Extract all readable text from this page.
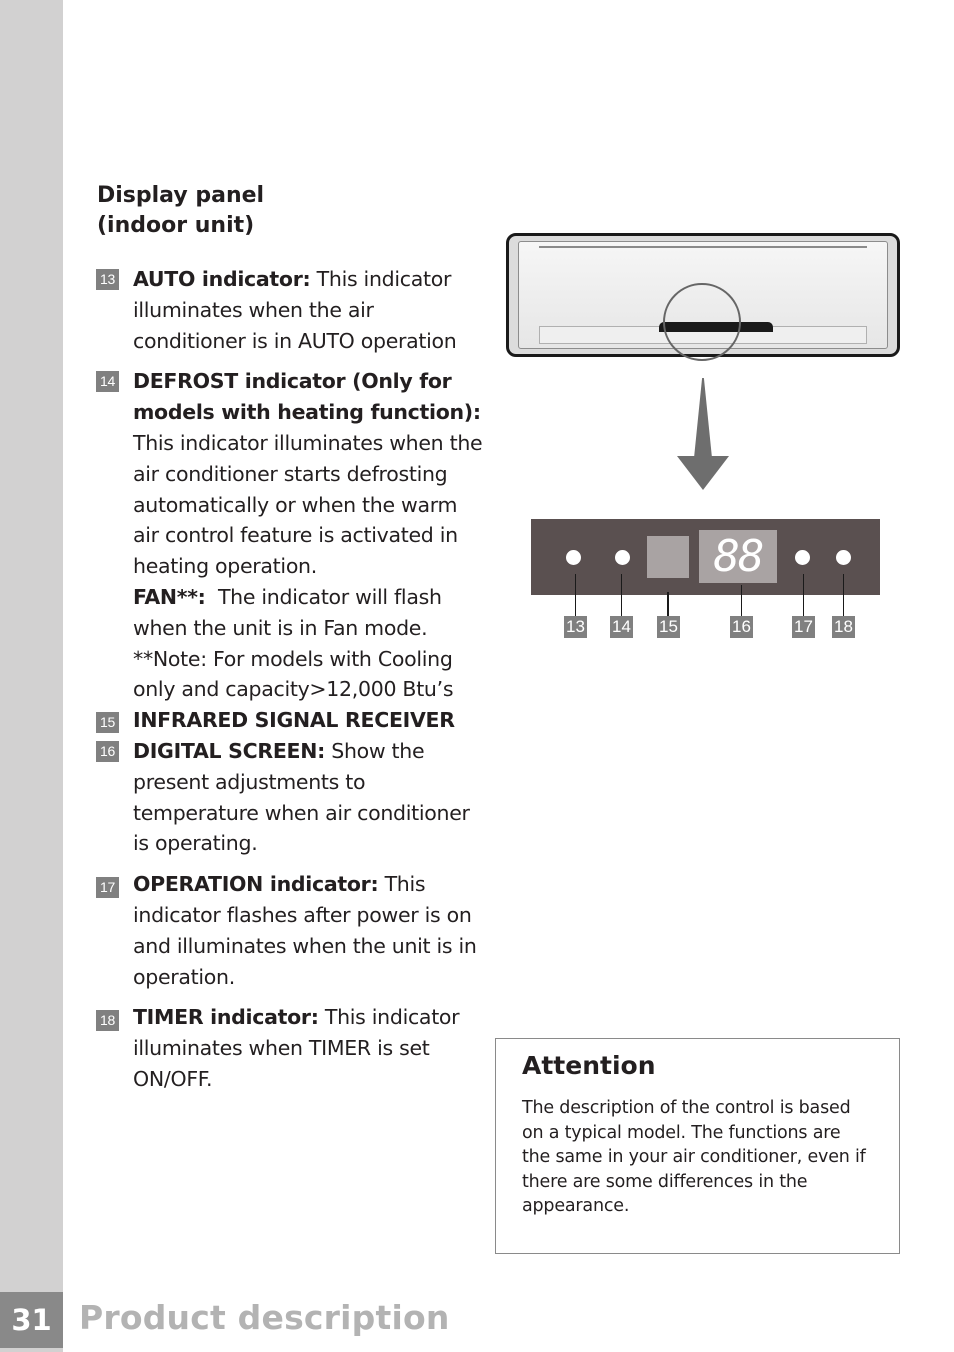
31 Product description
Display panel
(indoor unit)
13 AUTO indicator: This indicator illuminates when the air conditioner is in AUTO operation
14 DEFROST indicator (Only for models with heating function): This indicator illuminates when the air conditioner starts defrosting automatically or when the warm air control feature is activated in heating operation.
FAN**:  The indicator will flash when the unit is in Fan mode.
**Note: For models with Cooling only and capacity>12,000 Btu’s
15 INFRARED SIGNAL RECEIVER
16 DIGITAL SCREEN: Show the present adjustments to temperature when air conditioner is operating.
17 OPERATION indicator: This indicator flashes after power is on and illuminates when the unit is in operation.
18 TIMER indicator: This indicator illuminates when TIMER is set ON/OFF.
88
13 14 15	16	17 18
Attention
The description of the control is based on a typical model. The functions are the same in your air conditioner, even if there are some differences in the appearance.
